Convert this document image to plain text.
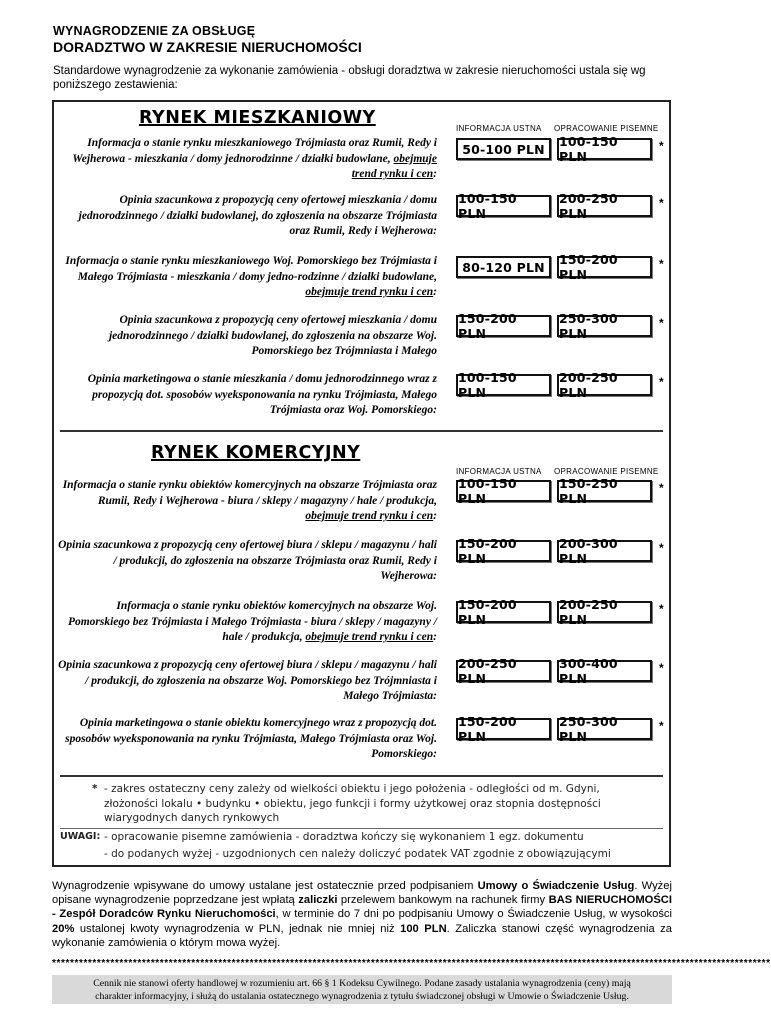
WYNAGRODZENIE ZA OBSŁUGĘ
DORADZTWO W ZAKRESIE NIERUCHOMOŚCI
Standardowe wynagrodzenie za wykonanie zamówienia - obsługi doradztwa w zakresie nieruchomości ustala się wg poniższego zestawienia:
RYNEK MIESZKANIOWY
INFORMACJA USTNA OPRACOWANIE PISEMNE
Informacja o stanie rynku mieszkaniowego Trójmiasta oraz Rumii, Redy i Wejherowa - mieszkania / domy jednorodzinne / działki budowlane, obejmuje trend rynku i cen:
50-100 PLN	100-150 PLN
*
Opinia szacunkowa z propozycją ceny ofertowej mieszkania / domu jednorodzinnego / działki budowlanej, do zgłoszenia na obszarze Trójmiasta oraz Rumii, Redy i Wejherowa:
100-150 PLN
200-250 PLN
*
Informacja o stanie rynku mieszkaniowego Woj. Pomorskiego bez Trójmiasta i Małego Trójmiasta - mieszkania / domy jedno-rodzinne / działki budowlane, obejmuje trend rynku i cen:
80-120 PLN	150-200 PLN
*
Opinia szacunkowa z propozycją ceny ofertowej mieszkania / domu jednorodzinnego / działki budowlanej, do zgłoszenia na obszarze Woj. Pomorskiego bez Trójmniasta i Małego
150-200 PLN
250-300 PLN
*
Opinia marketingowa o stanie mieszkania / domu jednorodzinnego wraz z propozycją dot. sposobów wyeksponowania na rynku Trójmiasta, Małego Trójmiasta oraz Woj. Pomorskiego:
100-150 PLN
200-250 PLN
*
RYNEK KOMERCYJNY
INFORMACJA USTNA OPRACOWANIE PISEMNE
Informacja o stanie rynku obiektów komercyjnych na obszarze Trójmiasta oraz Rumii, Redy i Wejherowa - biura / sklepy / magazyny / hale / produkcja, obejmuje trend rynku i cen:
100-150 PLN
150-250 PLN
*
Opinia szacunkowa z propozycją ceny ofertowej biura / sklepu / magazynu / hali / produkcji, do zgłoszenia na obszarze Trójmiasta oraz Rumii, Redy i Wejherowa:
150-200 PLN
200-300 PLN
*
Informacja o stanie rynku obiektów komercyjnych na obszarze Woj. Pomorskiego bez Trójmiasta i Małego Trójmiasta - biura / sklepy / magazyny / hale / produkcja, obejmuje trend rynku i cen:
150-200 PLN
200-250 PLN
*
Opinia szacunkowa z propozycją ceny ofertowej biura / sklepu / magazynu / hali / produkcji, do zgłoszenia na obszarze Woj. Pomorskiego bez Trójmniasta i Małego Trójmiasta:
200-250 PLN
300-400 PLN
*
Opinia marketingowa o stanie obiektu komercyjnego wraz z propozycją dot. sposobów wyeksponowania na rynku Trójmiasta, Małego Trójmiasta oraz Woj. Pomorskiego:
150-200 PLN
250-300 PLN
*
* - zakres ostateczny ceny zależy od wielkości obiektu i jego położenia - odległości od m. Gdyni, złożoności lokalu • budynku • obiektu, jego funkcji i formy użytkowej oraz stopnia dostępności wiarygodnych danych rynkowych
UWAGI: - opracowanie pisemne zamówienia - doradztwa kończy się wykonaniem 1 egz. dokumentu
- do podanych wyżej - uzgodnionych cen należy doliczyć podatek VAT zgodnie z obowiązującymi
Wynagrodzenie wpisywane do umowy ustalane jest ostatecznie przed podpisaniem Umowy o Świadczenie Usług. Wyżej opisane wynagrodzenie poprzedzane jest wpłatą zaliczki przelewem bankowym na rachunek firmy BAS NIERUCHOMOŚCI - Zespół Doradców Rynku Nieruchomości, w terminie do 7 dni po podpisaniu Umowy o Świadczenie Usług, w wysokości 20% ustalonej kwoty wynagrodzenia w PLN, jednak nie mniej niż 100 PLN. Zaliczka stanowi część wynagrodzenia za wykonanie zamówienia o którym mowa wyżej.
****************************************************************************************************************************************************************
Cennik nie stanowi oferty handlowej w rozumieniu art. 66 § 1 Kodeksu Cywilnego. Podane zasady ustalania wynagrodzenia (ceny) mają
charakter informacyjny, i służą do ustalania ostatecznego wynagrodzenia z tytułu świadczonej obsługi w Umowie o Świadczenie Usług.
